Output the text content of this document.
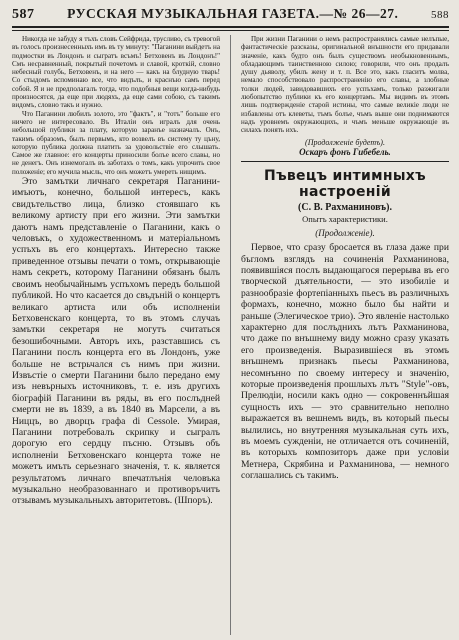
587	РУССКАЯ МУЗЫКАЛЬНАЯ ГАЗЕТА.—№ 26—27.	588

Никогда не забуду я тъхъ словъ Сейфрида, трусливо, съ тревогой въ голосъ произнесенныхъ имъ въ ту минуту: "Паганини выйдетъ на подмостки въ Лондонъ и сыгратъ всъмъ! Бетховенъ въ Лондонъ!" Смъ несравненный, покрытый почетомъ и славой, кроткій, словно небесный голубь, Бетховенъ, и на него — какъ на блудную тварь! Со стыдомъ вспоминаю все, что видълъ, и краснъю самъ перед собой. Я и не предполагалъ тогда, что подобныя вещи когда-нибудь произносятся, да еще при людяхъ, да еще сами собою, съ такимъ видомъ, словно такъ и нужно.

Что Паганини любилъ золото, это "фактъ", и "тотъ" больше его ничего не интересовало. Въ Италіи онъ игралъ для очень небольшой публики за плату, которую заранъе назначалъ. Онъ, такимъ образомъ, былъ первымъ, кто возвелъ въ систему ту цъну, которую публика должна платить за удовольствіе его слышать. Самое же главное: его концерты приносили болъе всего славы, но не денегъ. Онъ изнемогалъ въ заботахъ о томъ, какъ упрочить свое положеніе; его мучила мысль, что онъ можетъ умереть нищимъ.

Это замътки личнаго секретаря Паганини-имъютъ, конечно, большой интересъ, какъ свидътельство лица, близко стоявшаго къ великому артисту при его жизни. Эти замътки даютъ намъ представленіе о Паганини, какъ о человъкъ, о художественномъ и матеріальномъ успъхъ въ его концертахъ. Интересно также приведенное отзывы печати о томъ, открывающіе намъ секретъ, которому Паганини обязанъ былъ своимъ необычайнымъ успъхомъ передъ большой публикой. Но что касается до свъдъній о концертъ великаго артиста или объ исполненіи Бетховенскаго концерта, то въ этомъ случаъ замътки секретаря не могутъ считаться безошибочными. Авторъ ихъ, разставшись съ Паганини послъ концерта его въ Лондонъ, уже больше не встрьчался съ нимъ при жизни. Извъстіе о смерти Паганини было передано ему изъ невърныхъ источниковъ, т. е. изъ другихъ біографій Паганини въ ряды, въ его послъдней смерти не въ 1839, а въ 1840 въ Марсели, а въ Ниццъ, во дворцъ графа di Cessole. Умирая, Паганини потребовалъ скрипку и сыгралъ дорогую его сердцу пъсню. Отзывъ объ исполненіи Бетховенскаго концерта тоже не можетъ имъть серьезнаго значенія, т. к. является результатомъ личнаго впечатлънія человъка музыкально необразованнаго и противоръчитъ отзывамъ музыкальныхъ авторитетовъ. (Шпоръ).

При жизни Паганини о немъ распространялись самые нелъпые, фантастическіе разсказы, оригинальной внъшности его придавали значеніе, какъ будто онъ былъ существомъ необыкновеннымъ, обладающимъ таинственною силою; говорили, что онъ продалъ душу дьяволу, убилъ жену и т. п. Все это, какъ гласитъ молва, немало способствовало распространенію его славы, а злобные толки людей, завидовавшихъ его успъхамъ, только разжигали любопытство публики къ его концертамъ. Мы видимъ въ этомъ лишь подтвержденіе старой истины, что самые великіе люди не избавлены отъ клеветы, тъмъ болъе, чъмъ выше они поднимаются надъ уровнемъ окружающихъ, и чъмъ меньше окружающіе въ силахъ понять ихъ.

(Продолженіе будетъ).

Оскаръ фонъ Гибебель.

Пъвецъ интимныхъ настроеній
(С. В. Рахманиновъ).
Опытъ характеристики.
(Продолженіе).

Первое, что сразу бросается въ глаза даже при бъгломъ взглядъ на сочиненія Рахманинова, появившіяся послъ выдающагося перерыва въ его творческой дъятельности, — это изобиліе и разнообразіе фортепіанныхъ пьесъ въ различныхъ формахъ, конечно, можно было бы найти и раньше (Элегическое трио). Это явленіе настолько характерно для послъднихъ лътъ Рахманинова, что даже по внъшнему виду можно сразу указать его произведенія. Выразившіеся въ этомъ внъшнемъ признакъ пьесы Рахманинова, несомнънно по своему интересу и значенію, которые произведенія прошлыхъ лътъ "Style"-овъ, Прелюдіи, носили какъ одно — сокровеннъйшая сущность ихъ — это сравнительно неполно выражается въ вешнемъ видъ, въ который пьесы вылились, но внутренняя музыкальная суть ихъ, въ моемъ сужденіи, не отличается отъ сочиненій, въ которыхъ композиторъ даже при условіи Метнера, Скрябина и Рахманинова, — немного соглашались съ такимъ.
